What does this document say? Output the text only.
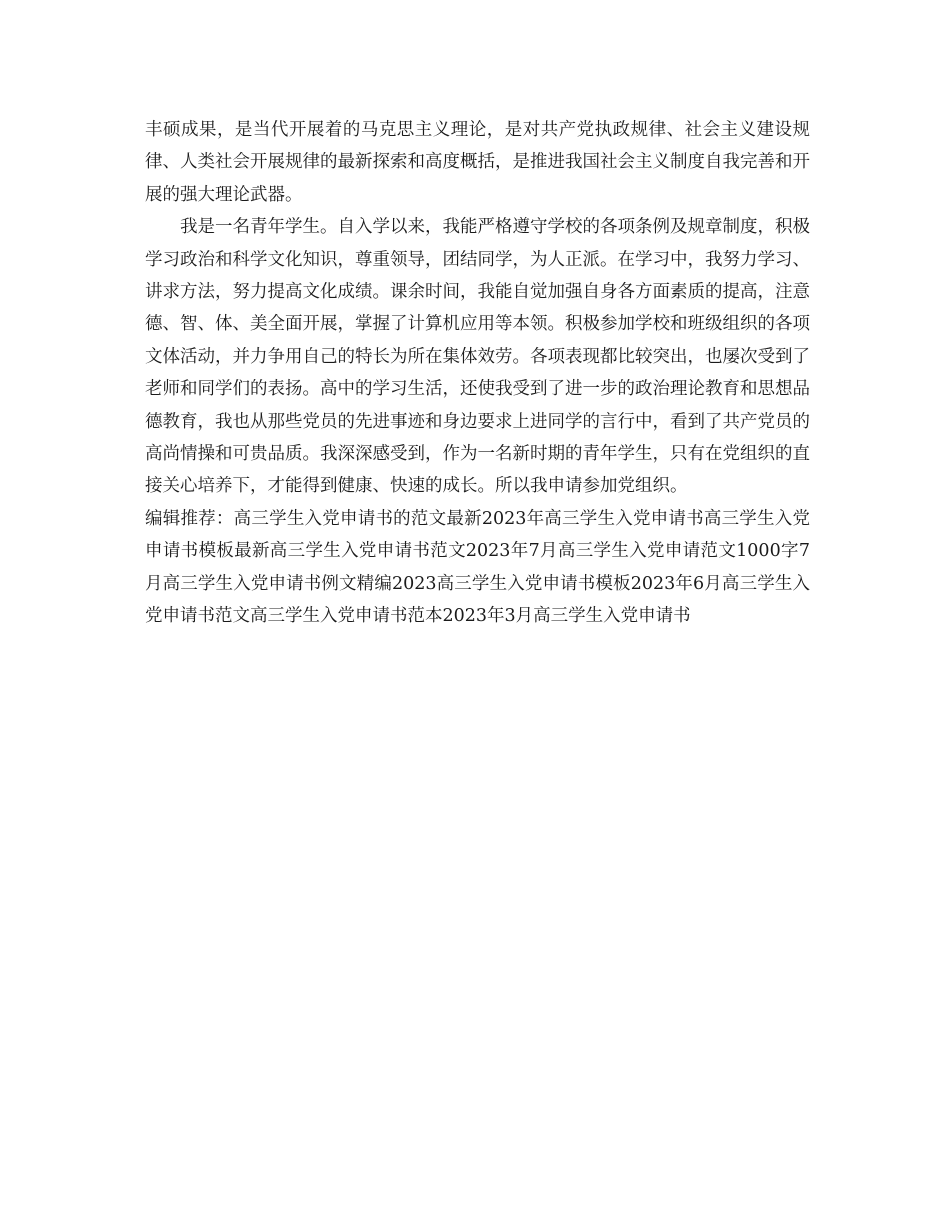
丰硕成果，是当代开展着的马克思主义理论，是对共产党执政规律、社会主义建设规律、人类社会开展规律的最新探索和高度概括，是推进我国社会主义制度自我完善和开展的强大理论武器。

我是一名青年学生。自入学以来，我能严格遵守学校的各项条例及规章制度，积极学习政治和科学文化知识，尊重领导，团结同学，为人正派。在学习中，我努力学习、讲求方法，努力提高文化成绩。课余时间，我能自觉加强自身各方面素质的提高，注意德、智、体、美全面开展，掌握了计算机应用等本领。积极参加学校和班级组织的各项文体活动，并力争用自己的特长为所在集体效劳。各项表现都比较突出，也屡次受到了老师和同学们的表扬。高中的学习生活，还使我受到了进一步的政治理论教育和思想品德教育，我也从那些党员的先进事迹和身边要求上进同学的言行中，看到了共产党员的高尚情操和可贵品质。我深深感受到，作为一名新时期的青年学生，只有在党组织的直接关心培养下，才能得到健康、快速的成长。所以我申请参加党组织。

编辑推荐：高三学生入党申请书的范文最新2023年高三学生入党申请书高三学生入党申请书模板最新高三学生入党申请书范文2023年7月高三学生入党申请范文1000字7月高三学生入党申请书例文精编2023高三学生入党申请书模板2023年6月高三学生入党申请书范文高三学生入党申请书范本2023年3月高三学生入党申请书
